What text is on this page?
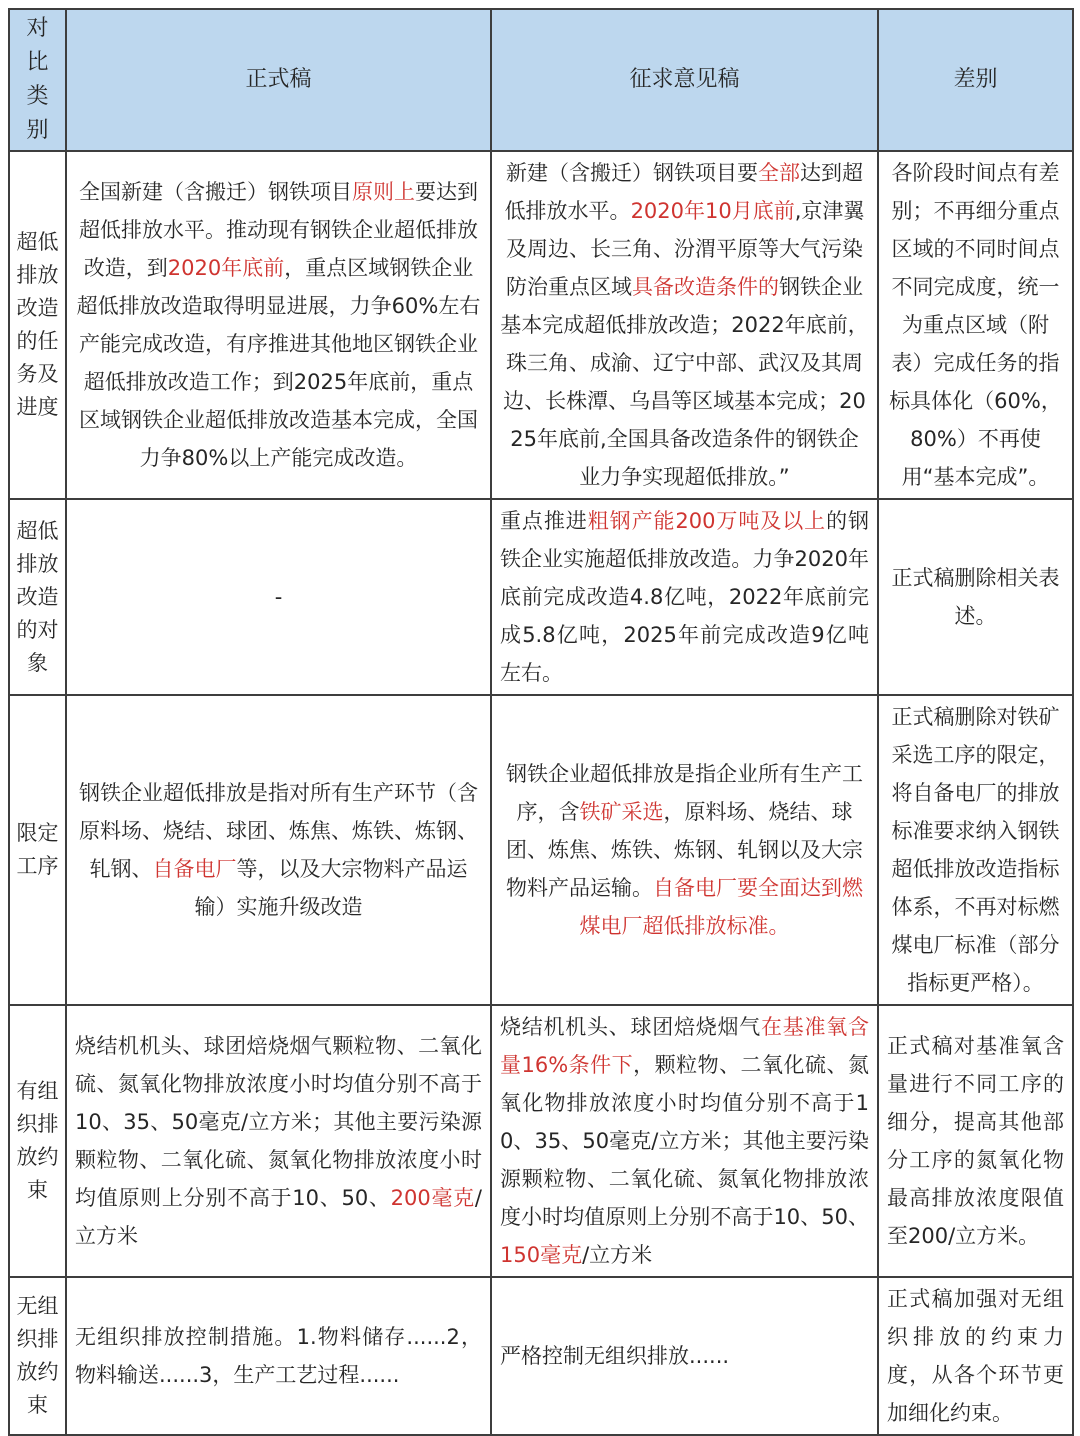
对比类别	正式稿	征求意见稿	差别
超低排放改造的任务及进度	全国新建（含搬迁）钢铁项目原则上要达到超低排放水平。推动现有钢铁企业超低排放改造，到2020年底前，重点区域钢铁企业超低排放改造取得明显进展，力争60%左右产能完成改造，有序推进其他地区钢铁企业超低排放改造工作；到2025年底前，重点区域钢铁企业超低排放改造基本完成，全国力争80%以上产能完成改造。	新建（含搬迁）钢铁项目要全部达到超低排放水平。2020年10月底前,京津翼及周边、长三角、汾渭平原等大气污染防治重点区域具备改造条件的钢铁企业基本完成超低排放改造；2022年底前，珠三角、成渝、辽宁中部、武汉及其周边、长株潭、乌昌等区域基本完成；2025年底前,全国具备改造条件的钢铁企业力争实现超低排放。”	各阶段时间点有差别；不再细分重点区域的不同时间点不同完成度，统一为重点区域（附表）完成任务的指标具体化（60%，80%）不再使用“基本完成”。
超低排放改造的对象	-	重点推进粗钢产能200万吨及以上的钢铁企业实施超低排放改造。力争2020年底前完成改造4.8亿吨，2022年底前完成5.8亿吨，2025年前完成改造9亿吨左右。	正式稿删除相关表述。
限定工序	钢铁企业超低排放是指对所有生产环节（含原料场、烧结、球团、炼焦、炼铁、炼钢、轧钢、自备电厂等，以及大宗物料产品运输）实施升级改造	钢铁企业超低排放是指企业所有生产工序，含铁矿采选，原料场、烧结、球团、炼焦、炼铁、炼钢、轧钢以及大宗物料产品运输。自备电厂要全面达到燃煤电厂超低排放标准。	正式稿删除对铁矿采选工序的限定，将自备电厂的排放标准要求纳入钢铁超低排放改造指标体系，不再对标燃煤电厂标准（部分指标更严格）。
有组织排放约束	烧结机机头、球团焙烧烟气颗粒物、二氧化硫、氮氧化物排放浓度小时均值分别不高于10、35、50毫克/立方米；其他主要污染源颗粒物、二氧化硫、氮氧化物排放浓度小时均值原则上分别不高于10、50、200毫克/立方米	烧结机机头、球团焙烧烟气在基准氧含量16%条件下，颗粒物、二氧化硫、氮氧化物排放浓度小时均值分别不高于10、35、50毫克/立方米；其他主要污染源颗粒物、二氧化硫、氮氧化物排放浓度小时均值原则上分别不高于10、50、150毫克/立方米	正式稿对基准氧含量进行不同工序的细分，提高其他部分工序的氮氧化物最高排放浓度限值至200/立方米。
无组织排放约束	无组织排放控制措施。1.物料储存......2，物料输送......3，生产工艺过程......	严格控制无组织排放......	正式稿加强对无组织排放的约束力度，从各个环节更加细化约束。
